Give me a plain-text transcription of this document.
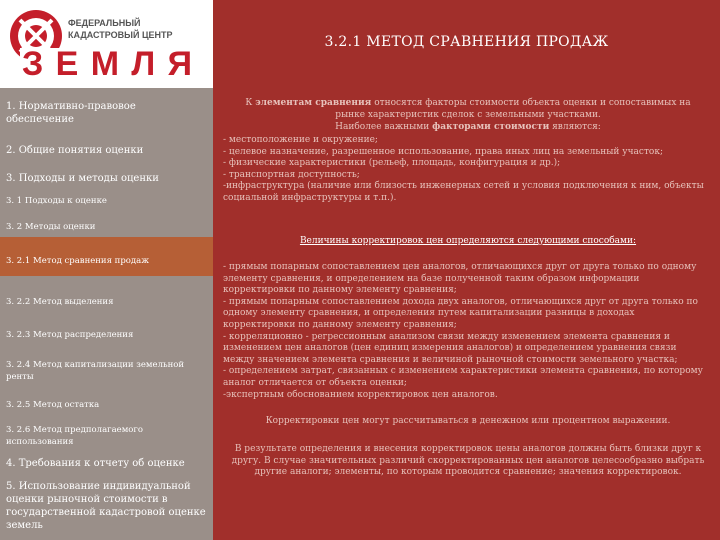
ФЕДЕРАЛЬНЫЙ
КАДАСТРОВЫЙ ЦЕНТР
ЗЕМЛЯ
3.2.1 МЕТОД СРАВНЕНИЯ ПРОДАЖ
1. Нормативно-правовое обеспечение
2. Общие понятия оценки
3. Подходы и методы оценки
3. 1 Подходы к оценке
3. 2 Методы оценки
3. 2.1 Метод сравнения продаж
3. 2.2 Метод выделения
3. 2.3 Метод распределения
3. 2.4 Метод капитализации земельной ренты
3. 2.5 Метод остатка
3. 2.6 Метод предполагаемого использования
4. Требования к отчету об оценке
5. Использование индивидуальной оценки рыночной стоимости в государственной кадастровой оценке земель
К элементам сравнения относятся факторы стоимости объекта оценки и сопоставимых на рынке характеристик сделок с земельными участками.
Наиболее важными факторами стоимости являются:
- местоположение и окружение;
- целевое назначение, разрешенное использование, права иных лиц на земельный участок;
- физические характеристики (рельеф, площадь, конфигурация и др.);
- транспортная доступность;
-инфраструктура (наличие или близость инженерных сетей и условия подключения к ним, объекты социальной инфраструктуры и т.п.).
Величины корректировок цен определяются следующими способами:
- прямым попарным сопоставлением цен аналогов, отличающихся друг от друга только по одному элементу сравнения, и определением на базе полученной таким образом информации корректировки по данному элементу сравнения;
- прямым попарным сопоставлением дохода двух аналогов, отличающихся друг от друга только по одному элементу сравнения, и определения путем капитализации разницы в доходах корректировки по данному элементу сравнения;
- корреляционно - регрессионным анализом связи между изменением элемента сравнения и изменением цен аналогов (цен единиц измерения аналогов) и определением уравнения связи между значением элемента сравнения и величиной рыночной стоимости земельного участка;
- определением затрат, связанных с изменением характеристики элемента сравнения, по которому аналог отличается от объекта оценки;
-экспертным обоснованием корректировок цен аналогов.
Корректировки цен могут рассчитываться в денежном или процентном выражении.
В результате определения и внесения корректировок цены аналогов должны быть близки друг к другу. В случае значительных различий скорректированных цен аналогов целесообразно выбрать другие аналоги; элементы, по которым проводится сравнение; значения корректировок.
